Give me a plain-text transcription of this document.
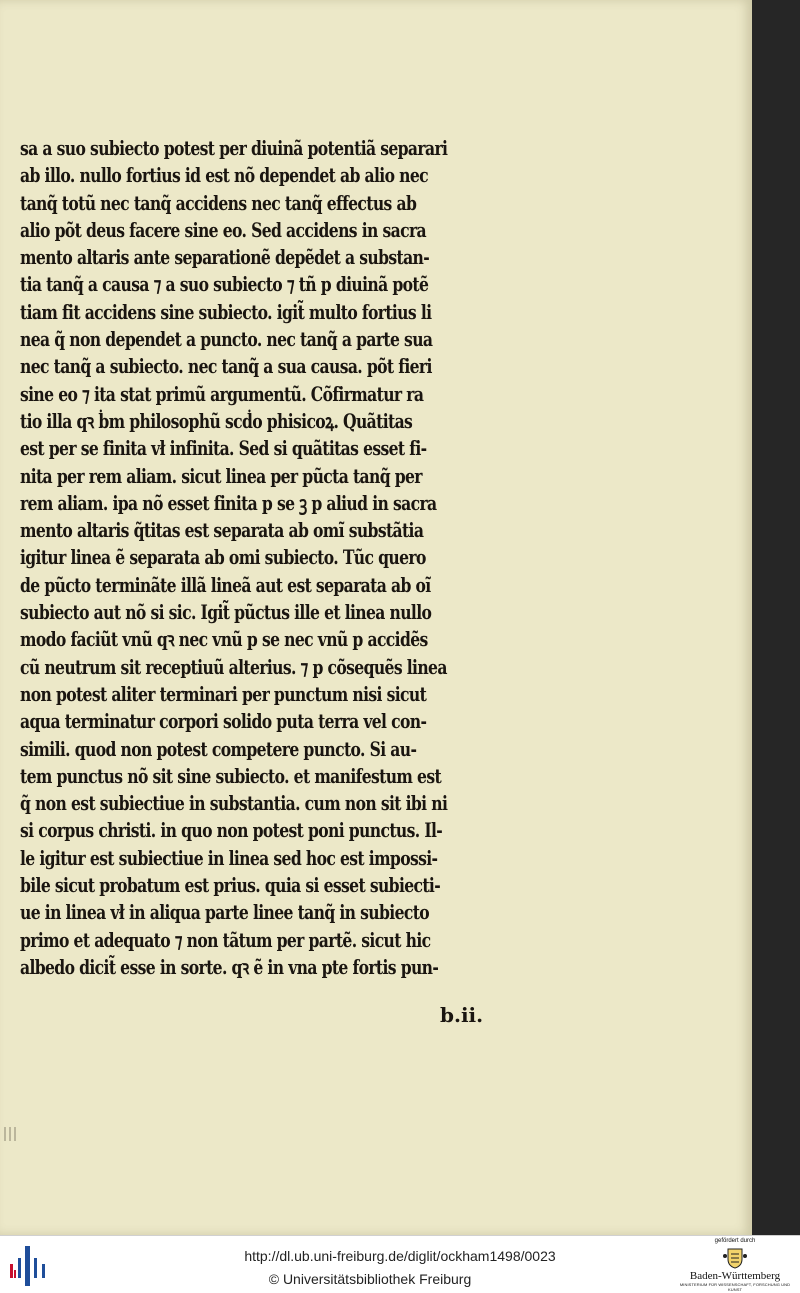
sa a suo subiecto potest per diuinã potentiã separari
ab illo. nullo fortius id est nõ dependet ab alio nec
tanq̃ totũ nec tanq̃ accidens nec tanq̃ effectus ab
alio põt deus facere sine eo. Sed accidens in sacra
mento altaris ante separationẽ depẽdet a substan-
tia tanq̃ a causa ⁊ a suo subiecto ⁊ tñ p diuinã potẽ
tiam fit accidens sine subiecto. igit̃ multo fortius li
nea q̃ non dependet a puncto. nec tanq̃ a parte sua
nec tanq̃ a subiecto. nec tanq̃ a sua causa. põt fieri
sine eo ⁊ ita stat primũ argumentũ. Cõfirmatur ra
tio illa qꝛ ḃm philosophũ scḋo phisicoꝝ. Quãtitas
est per se finita vł infinita. Sed si quãtitas esset fi-
nita per rem aliam. sicut linea per pũcta tanq̃ per
rem aliam. ipa nõ esset finita p se ꝫ p aliud in sacra
mento altaris q̃titas est separata ab omĩ substãtia
igitur linea ẽ separata ab omi subiecto. Tũc quero
de pũcto terminãte illã lineã aut est separata ab oĩ
subiecto aut nõ si sic. Igit̃ pũctus ille et linea nullo
modo faciũt vnũ qꝛ nec vnũ p se nec vnũ p accidẽs
cũ neutrum sit receptiuũ alterius. ⁊ p cõsequẽs linea
non potest aliter terminari per punctum nisi sicut
aqua terminatur corpori solido puta terra vel con-
simili. quod non potest competere puncto. Si au-
tem punctus nõ sit sine subiecto. et manifestum est
q̃ non est subiectiue in substantia. cum non sit ibi ni
si corpus christi. in quo non potest poni punctus. Il-
le igitur est subiectiue in linea sed hoc est impossi-
bile sicut probatum est prius. quia si esset subiecti-
ue in linea vł in aliqua parte linee tanq̃ in subiecto
primo et adequato ⁊ non tãtum per partẽ. sicut hic
albedo dicit̃ esse in sorte. qꝛ ẽ in vna pte fortis pun-
b.ii.
http://dl.ub.uni-freiburg.de/diglit/ockham1498/0023
© Universitätsbibliothek Freiburg
gefördert durch
Baden-Württemberg
MINISTERIUM FÜR WISSENSCHAFT, FORSCHUNG UND KUNST
